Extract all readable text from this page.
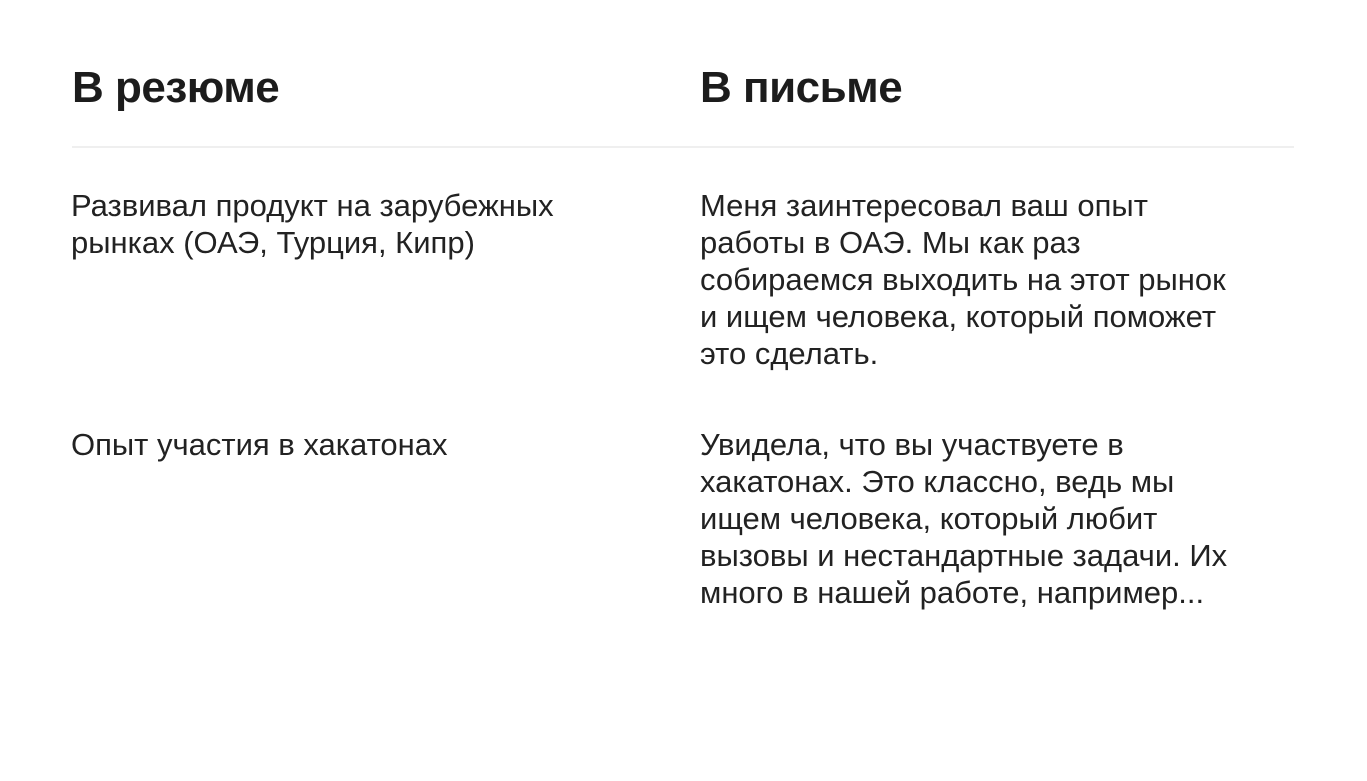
В резюме	В письме

Развивал продукт на зарубежных рынках (ОАЭ, Турция, Кипр)

Меня заинтересовал ваш опыт работы в ОАЭ. Мы как раз собираемся выходить на этот рынок и ищем человека, который поможет это сделать.

Опыт участия в хакатонах	Увидела, что вы участвуете в хакатонах. Это классно, ведь мы ищем человека, который любит вызовы и нестандартные задачи. Их много в нашей работе, например...
